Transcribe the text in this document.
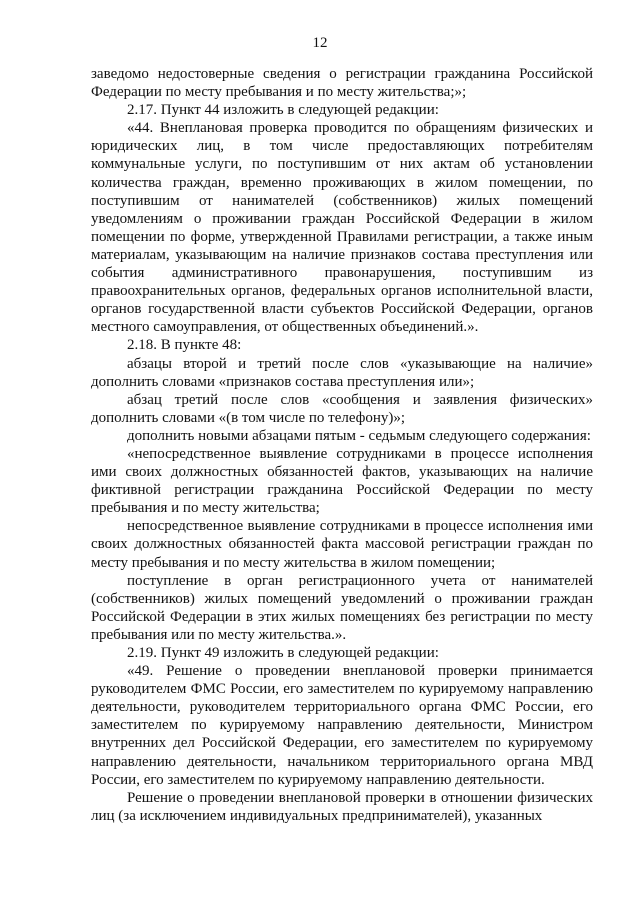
12

заведомо недостоверные сведения о регистрации гражданина Российской Федерации по месту пребывания и по месту жительства;»;

2.17. Пункт 44 изложить в следующей редакции:

«44. Внеплановая проверка проводится по обращениям физических и юридических лиц, в том числе предоставляющих потребителям коммунальные услуги, по поступившим от них актам об установлении количества граждан, временно проживающих в жилом помещении, по поступившим от нанимателей (собственников) жилых помещений уведомлениям о проживании граждан Российской Федерации в жилом помещении по форме, утвержденной Правилами регистрации, а также иным материалам, указывающим на наличие признаков состава преступления или события административного правонарушения, поступившим из правоохранительных органов, федеральных органов исполнительной власти, органов государственной власти субъектов Российской Федерации, органов местного самоуправления, от общественных объединений.».

2.18. В пункте 48:

абзацы второй и третий после слов «указывающие на наличие» дополнить словами «признаков состава преступления или»;

абзац третий после слов «сообщения и заявления физических» дополнить словами «(в том числе по телефону)»;

дополнить новыми абзацами пятым - седьмым следующего содержания:

«непосредственное выявление сотрудниками в процессе исполнения ими своих должностных обязанностей фактов, указывающих на наличие фиктивной регистрации гражданина Российской Федерации по месту пребывания и по месту жительства;

непосредственное выявление сотрудниками в процессе исполнения ими своих должностных обязанностей факта массовой регистрации граждан по месту пребывания и по месту жительства в жилом помещении;

поступление в орган регистрационного учета от нанимателей (собственников) жилых помещений уведомлений о проживании граждан Российской Федерации в этих жилых помещениях без регистрации по месту пребывания или по месту жительства.».

2.19. Пункт 49 изложить в следующей редакции:

«49. Решение о проведении внеплановой проверки принимается руководителем ФМС России, его заместителем по курируемому направлению деятельности, руководителем территориального органа ФМС России, его заместителем по курируемому направлению деятельности, Министром внутренних дел Российской Федерации, его заместителем по курируемому направлению деятельности, начальником территориального органа МВД России, его заместителем по курируемому направлению деятельности.

Решение о проведении внеплановой проверки в отношении физических лиц (за исключением индивидуальных предпринимателей), указанных
